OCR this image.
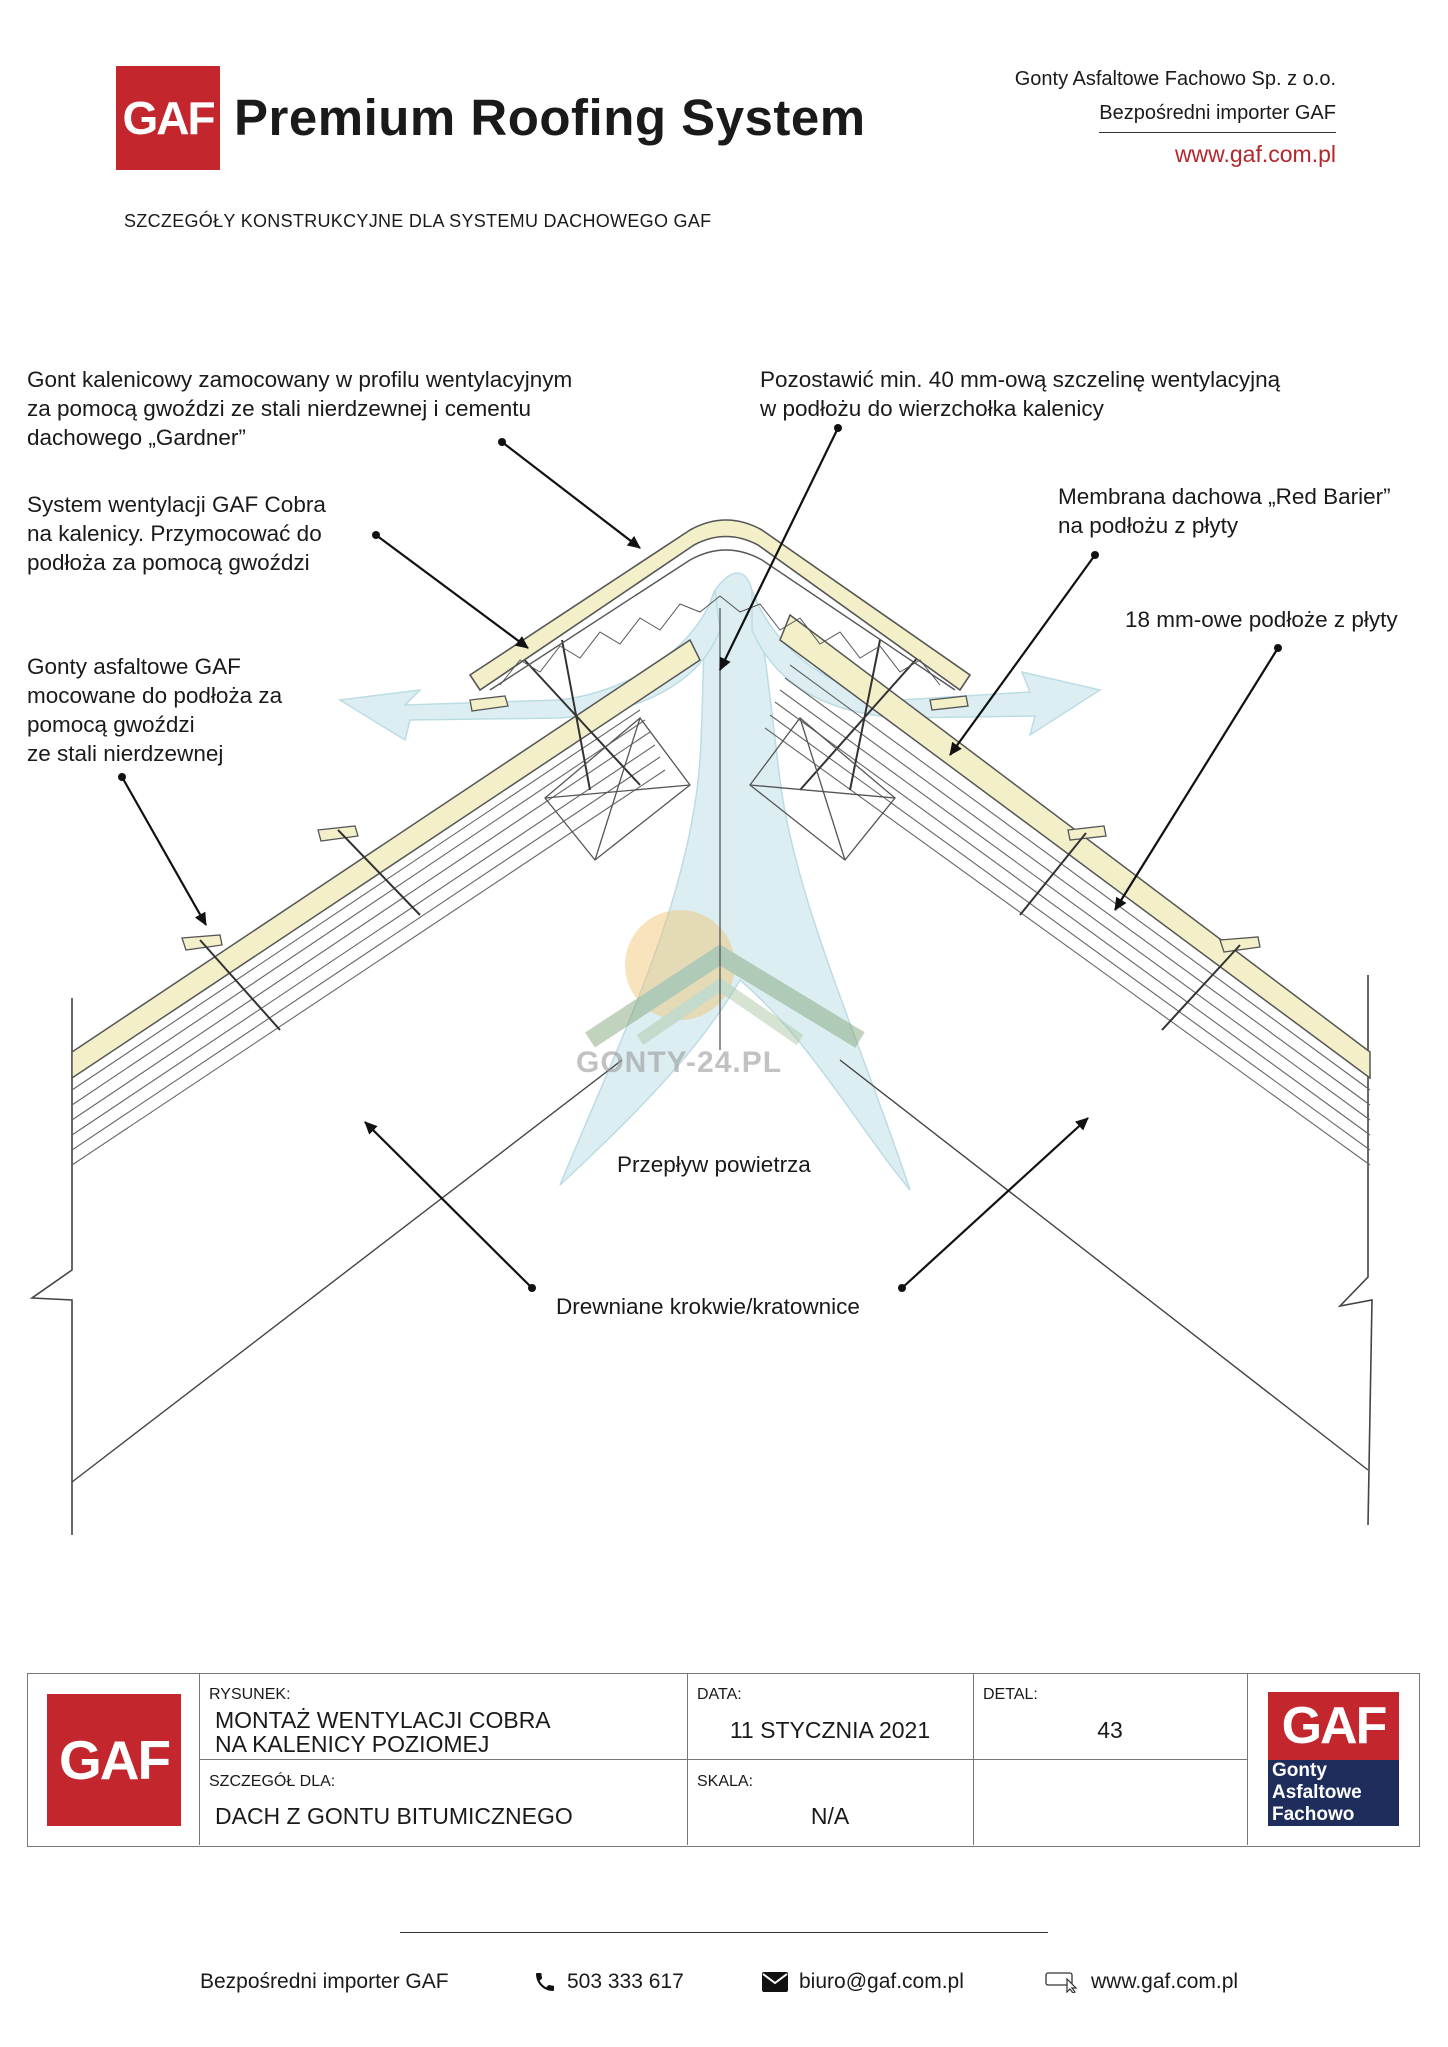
GAF Premium Roofing System
Gonty Asfaltowe Fachowo Sp. z o.o.
Bezpośredni importer GAF
www.gaf.com.pl
SZCZEGÓŁY KONSTRUKCYJNE DLA SYSTEMU DACHOWEGO GAF
Gont kalenicowy zamocowany w profilu wentylacyjnym
za pomocą gwoździ ze stali nierdzewnej i cementu
dachowego „Gardner”
Pozostawić min. 40 mm-ową szczelinę wentylacyjną
w podłożu do wierzchołka kalenicy
System wentylacji GAF Cobra
na kalenicy. Przymocować do
podłoża za pomocą gwoździ
Membrana dachowa „Red Barier”
na podłożu z płyty
18 mm-owe podłoże z płyty
Gonty asfaltowe GAF
mocowane do podłoża za
pomocą gwoździ
ze stali nierdzewnej
Przepływ powietrza
Drewniane krokwie/kratownice
GONTY-24.PL
GAF
RYSUNEK:
MONTAŻ WENTYLACJI COBRA
NA KALENICY POZIOMEJ
SZCZEGÓŁ DLA:
DACH Z GONTU BITUMICZNEGO
DATA:
11 STYCZNIA 2021
SKALA:
N/A
DETAL:
43	GAF
Gonty
Asfaltowe
Fachowo
Bezpośredni importer GAF	503 333 617	biuro@gaf.com.pl	www.gaf.com.pl
